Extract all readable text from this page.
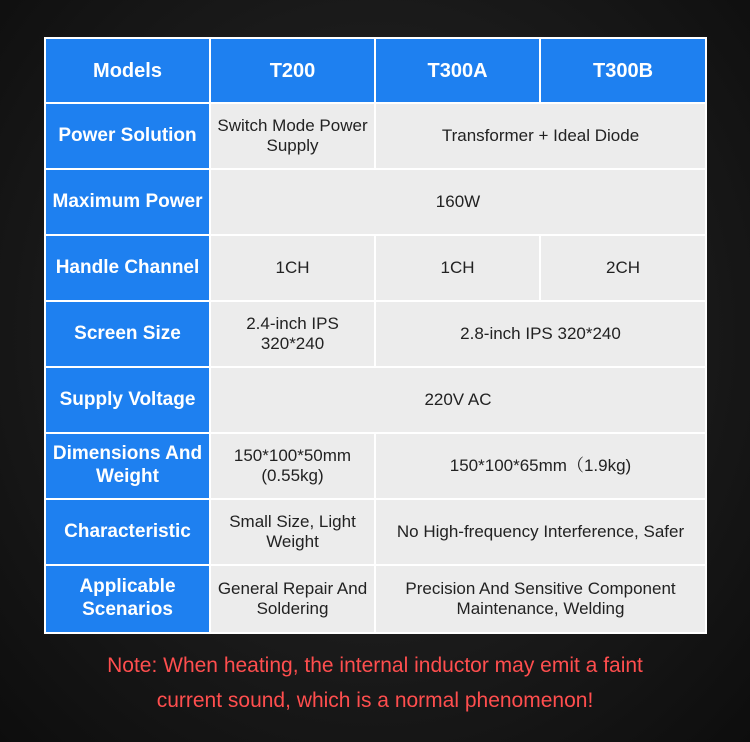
Models	T200	T300A	T300B
Power Solution	Switch Mode Power Supply	Transformer + Ideal Diode	
Maximum Power	160W		
Handle Channel	1CH	1CH	2CH
Screen Size	2.4-inch IPS 320*240	2.8-inch IPS 320*240	
Supply Voltage	220V AC		
Dimensions And Weight	150*100*50mm (0.55kg)	150*100*65mm（1.9kg)	
Characteristic	Small Size, Light Weight	No High-frequency Interference, Safer	
Applicable Scenarios	General Repair And Soldering	Precision And Sensitive Component Maintenance, Welding	
Note: When heating, the internal inductor may emit a faint
current sound, which is a normal phenomenon!
